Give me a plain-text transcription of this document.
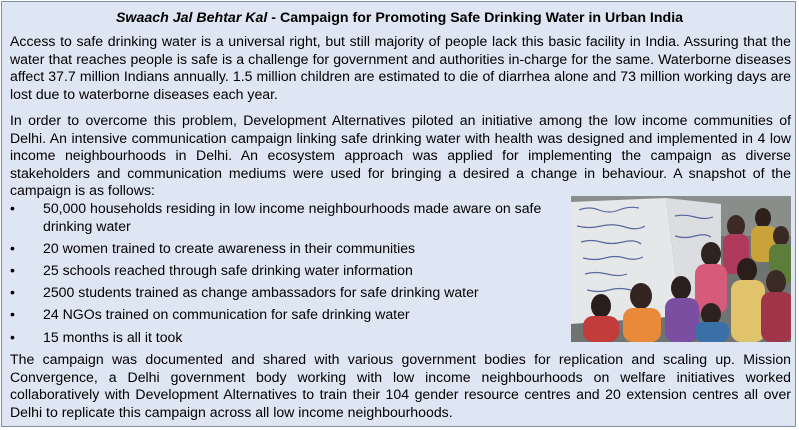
Swaach Jal Behtar Kal - Campaign for Promoting Safe Drinking Water in Urban India

Access to safe drinking water is a universal right, but still majority of people lack this basic facility in India. Assuring that the water that reaches people is safe is a challenge for government and authorities in-charge for the same. Waterborne diseases affect 37.7 million Indians annually. 1.5 million children are estimated to die of diarrhea alone and 73 million working days are lost due to waterborne diseases each year.

In order to overcome this problem, Development Alternatives piloted an initiative among the low income communities of Delhi. An intensive communication campaign linking safe drinking water with health was designed and implemented in 4 low income neighbourhoods in Delhi. An ecosystem approach was applied for implementing the campaign as diverse stakeholders and communication mediums were used for bringing a desired a change in behaviour. A snapshot of the campaign is as follows:

• 50,000 households residing in low income neighbourhoods made aware on safe drinking water
• 20 women trained to create awareness in their communities
• 25 schools reached through safe drinking water information
• 2500 students trained as change ambassadors for safe drinking water
• 24 NGOs trained on communication for safe drinking water
• 15 months is all it took

The campaign was documented and shared with various government bodies for replication and scaling up. Mission Convergence, a Delhi government body working with low income neighbourhoods on welfare initiatives worked collaboratively with Development Alternatives to train their 104 gender resource centres and 20 extension centres all over Delhi to replicate this campaign across all low income neighbourhoods.
